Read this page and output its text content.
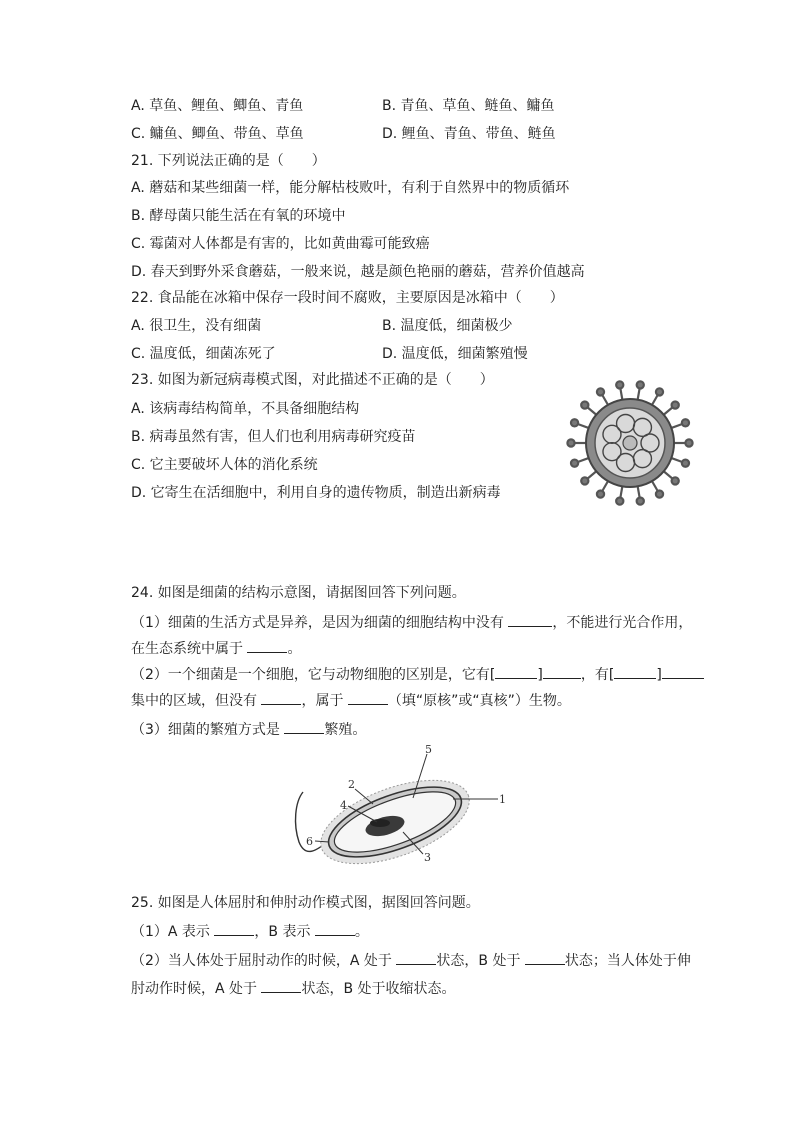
A. 草鱼、鲤鱼、鲫鱼、青鱼	B. 青鱼、草鱼、鲢鱼、鳙鱼
C. 鳙鱼、鲫鱼、带鱼、草鱼	D. 鲤鱼、青鱼、带鱼、鲢鱼
21. 下列说法正确的是（　　）
A. 蘑菇和某些细菌一样，能分解枯枝败叶，有利于自然界中的物质循环
B. 酵母菌只能生活在有氧的环境中
C. 霉菌对人体都是有害的，比如黄曲霉可能致癌
D. 春天到野外采食蘑菇，一般来说，越是颜色艳丽的蘑菇，营养价值越高
22. 食品能在冰箱中保存一段时间不腐败，主要原因是冰箱中（　　）
A. 很卫生，没有细菌	B. 温度低，细菌极少
C. 温度低，细菌冻死了	D. 温度低，细菌繁殖慢
23. 如图为新冠病毒模式图，对此描述不正确的是（　　）
A. 该病毒结构简单，不具备细胞结构
B. 病毒虽然有害，但人们也利用病毒研究疫苗
C. 它主要破坏人体的消化系统
D. 它寄生在活细胞中，利用自身的遗传物质，制造出新病毒
24. 如图是细菌的结构示意图，请据图回答下列问题。
（1）细菌的生活方式是异养，是因为细菌的细胞结构中没有	，不能进行光合作用，
在生态系统中属于	。
（2）一个细菌是一个细胞，它与动物细胞的区别是，它有[	]	，有[	]
集中的区域，但没有	，属于	（填“原核”或“真核”）生物。
（3）细菌的繁殖方式是	繁殖。
1
2
3
4
5
6
25. 如图是人体屈肘和伸肘动作模式图，据图回答问题。
（1）A 表示	，B 表示	。
（2）当人体处于屈肘动作的时候，A 处于	状态，B 处于	状态；当人体处于伸
肘动作时候，A 处于	状态，B 处于收缩状态。
